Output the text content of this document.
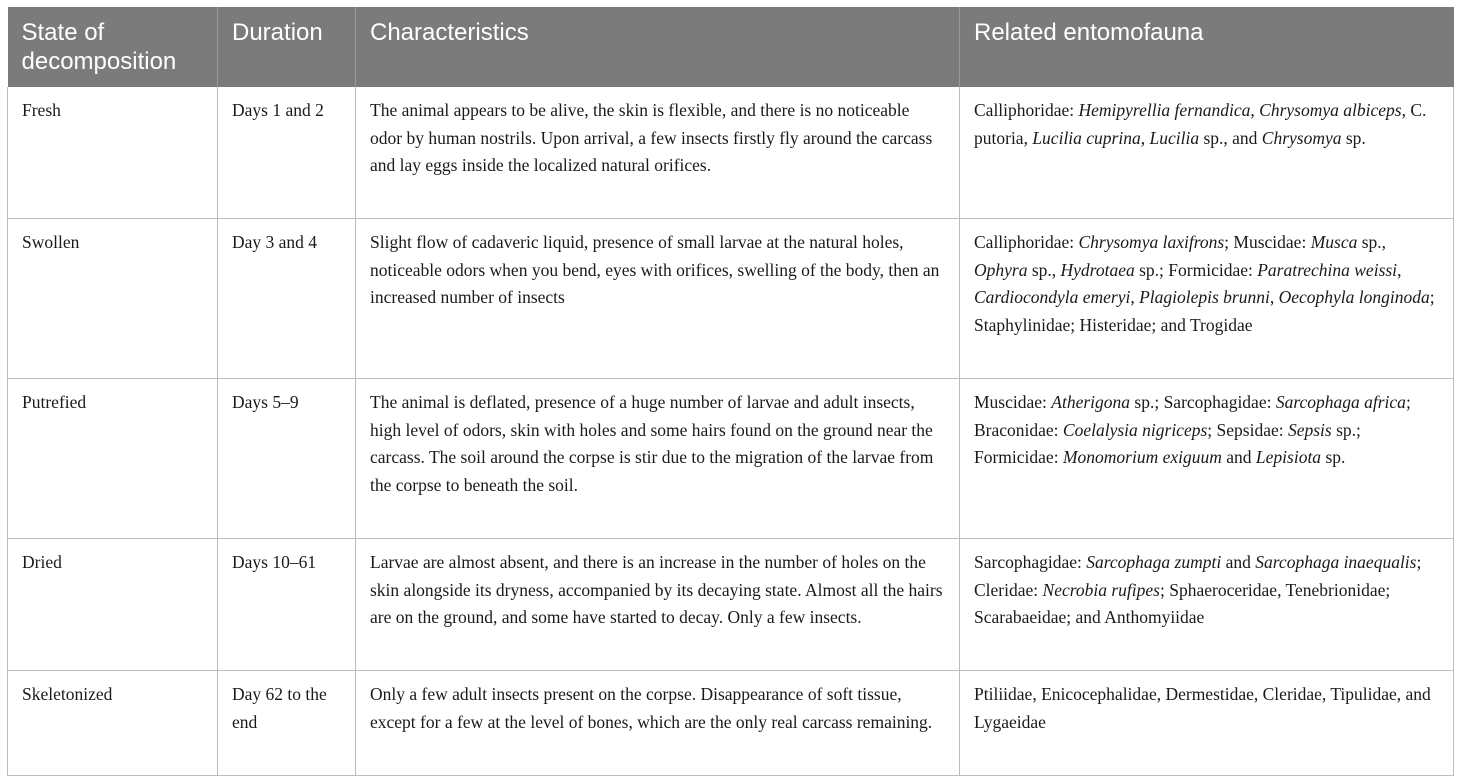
State of decomposition	Duration	Characteristics	Related entomofauna
Fresh	Days 1 and 2	The animal appears to be alive, the skin is flexible, and there is no noticeable odor by human nostrils. Upon arrival, a few insects firstly fly around the carcass and lay eggs inside the localized natural orifices.	Calliphoridae: Hemipyrellia fernandica, Chrysomya albiceps, C. putoria, Lucilia cuprina, Lucilia sp., and Chrysomya sp.
Swollen	Day 3 and 4	Slight flow of cadaveric liquid, presence of small larvae at the natural holes, noticeable odors when you bend, eyes with orifices, swelling of the body, then an increased number of insects	Calliphoridae: Chrysomya laxifrons; Muscidae: Musca sp., Ophyra sp., Hydrotaea sp.; Formicidae: Paratrechina weissi, Cardiocondyla emeryi, Plagiolepis brunni, Oecophyla longinoda; Staphylinidae; Histeridae; and Trogidae
Putrefied	Days 5–9	The animal is deflated, presence of a huge number of larvae and adult insects, high level of odors, skin with holes and some hairs found on the ground near the carcass. The soil around the corpse is stir due to the migration of the larvae from the corpse to beneath the soil.	Muscidae: Atherigona sp.; Sarcophagidae: Sarcophaga africa; Braconidae: Coelalysia nigriceps; Sepsidae: Sepsis sp.; Formicidae: Monomorium exiguum and Lepisiota sp.
Dried	Days 10–61	Larvae are almost absent, and there is an increase in the number of holes on the skin alongside its dryness, accompanied by its decaying state. Almost all the hairs are on the ground, and some have started to decay. Only a few insects.	Sarcophagidae: Sarcophaga zumpti and Sarcophaga inaequalis; Cleridae: Necrobia rufipes; Sphaeroceridae, Tenebrionidae; Scarabaeidae; and Anthomyiidae
Skeletonized	Day 62 to the end	Only a few adult insects present on the corpse. Disappearance of soft tissue, except for a few at the level of bones, which are the only real carcass remaining.	Ptiliidae, Enicocephalidae, Dermestidae, Cleridae, Tipulidae, and Lygaeidae
